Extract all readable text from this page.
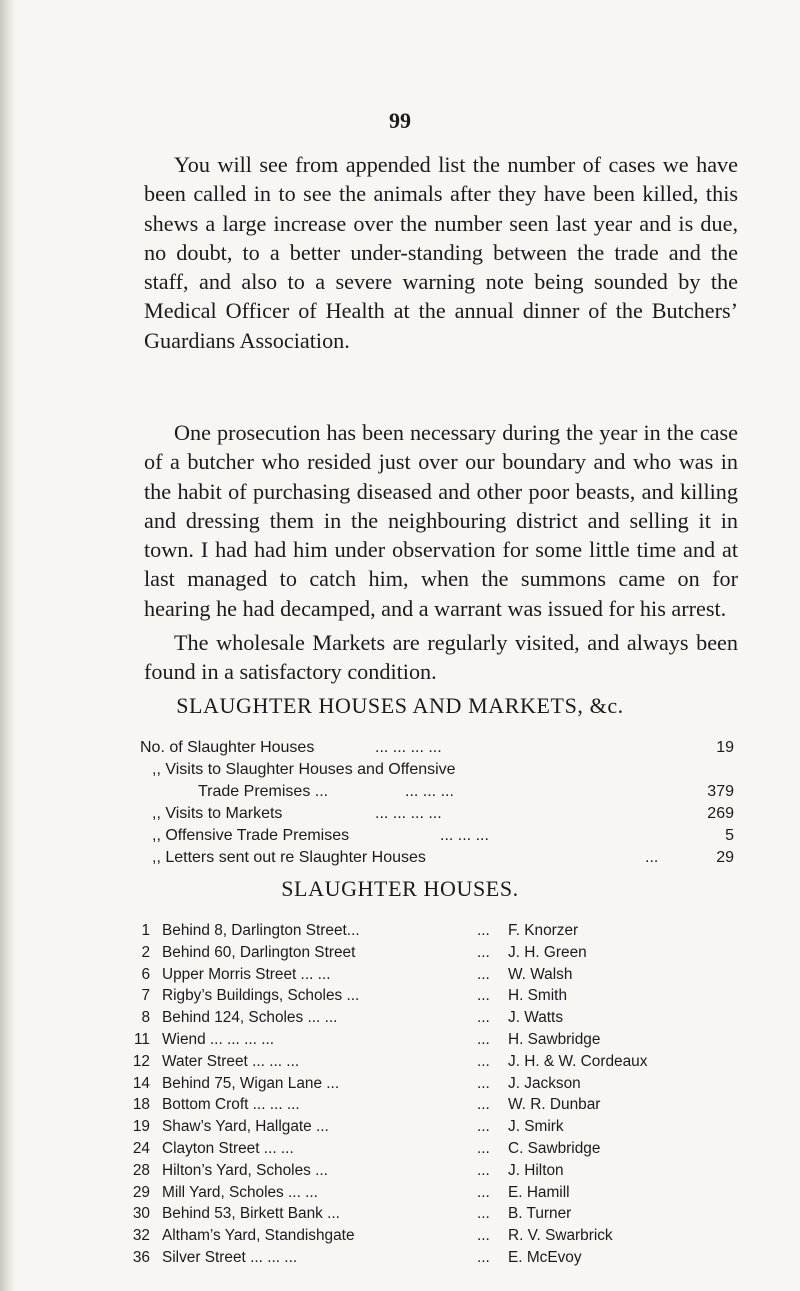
99

You will see from appended list the number of cases we have been called in to see the animals after they have been killed, this shews a large increase over the number seen last year and is due, no doubt, to a better under-standing between the trade and the staff, and also to a severe warning note being sounded by the Medical Officer of Health at the annual dinner of the Butchers’ Guardians Association.

One prosecution has been necessary during the year in the case of a butcher who resided just over our boundary and who was in the habit of purchasing diseased and other poor beasts, and killing and dressing them in the neighbouring district and selling it in town. I had had him under observation for some little time and at last managed to catch him, when the summons came on for hearing he had decamped, and a warrant was issued for his arrest.

The wholesale Markets are regularly visited, and always been found in a satisfactory condition.

SLAUGHTER HOUSES AND MARKETS, &c.
No. of Slaughter Houses	... ... ... ...	19
,, Visits to Slaughter Houses and Offensive
Trade Premises ...	... ... ...	379
,, Visits to Markets	... ... ... ...	269
,, Offensive Trade Premises	... ... ...	5
,, Letters sent out re Slaughter Houses	...	29
SLAUGHTER HOUSES.
1 Behind 8, Darlington Street...	... F. Knorzer
2 Behind 60, Darlington Street	... J. H. Green
6 Upper Morris Street ... ...	... W. Walsh
7 Rigby’s Buildings, Scholes ...	... H. Smith
8 Behind 124, Scholes ... ...	... J. Watts
11 Wiend ... ... ... ...	... H. Sawbridge
12 Water Street ... ... ...	... J. H. & W. Cordeaux
14 Behind 75, Wigan Lane ...	... J. Jackson
18 Bottom Croft ... ... ...	... W. R. Dunbar
19 Shaw’s Yard, Hallgate ...	... J. Smirk
24 Clayton Street ... ...	... C. Sawbridge
28 Hilton’s Yard, Scholes ...	... J. Hilton
29 Mill Yard, Scholes ... ...	... E. Hamill
30 Behind 53, Birkett Bank ...	... B. Turner
32 Altham’s Yard, Standishgate	... R. V. Swarbrick
36 Silver Street ... ... ...	... E. McEvoy
